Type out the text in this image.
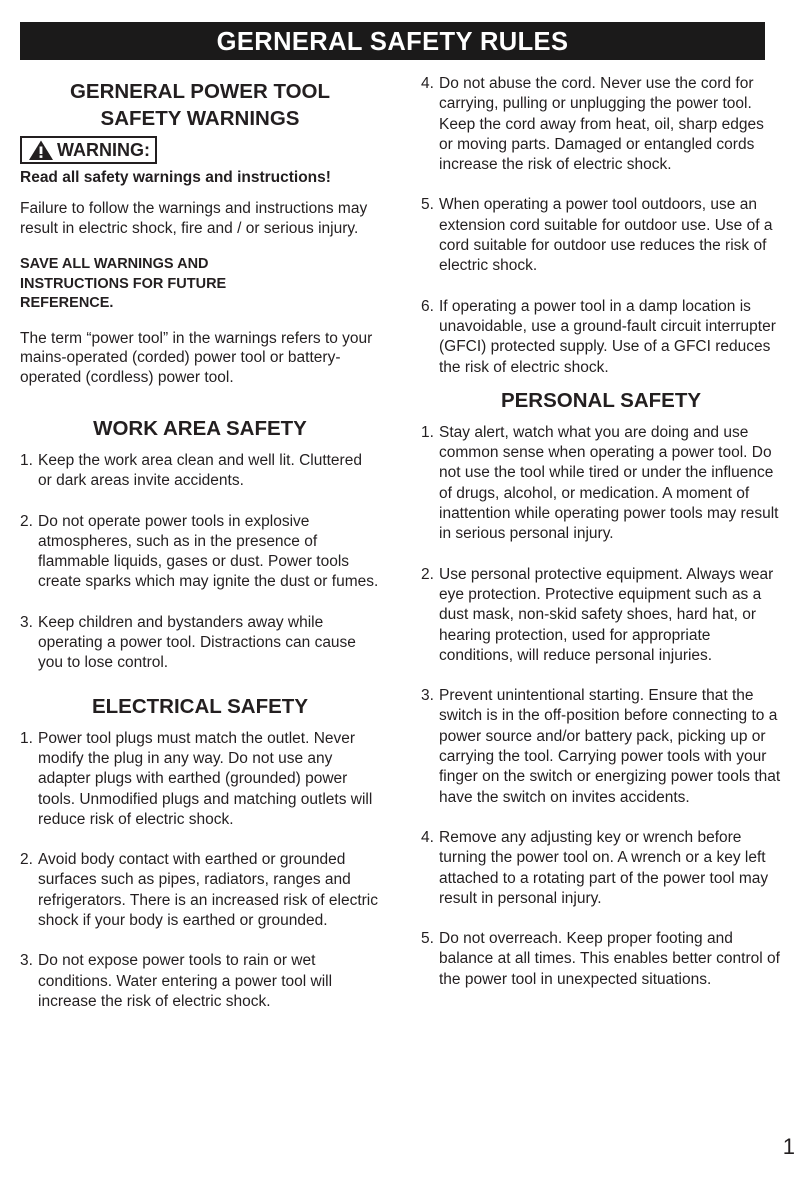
GERNERAL SAFETY RULES
GERNERAL POWER TOOL
SAFETY WARNINGS
WARNING:
Read all safety warnings and instructions!
Failure to follow the warnings and instructions may result in electric shock, fire and / or serious injury.
SAVE ALL WARNINGS AND INSTRUCTIONS FOR FUTURE REFERENCE.
The term “power tool” in the warnings refers to your mains-operated (corded) power tool or battery-operated (cordless) power tool.
WORK AREA SAFETY
1. Keep the work area clean and well lit. Cluttered or dark areas invite accidents.
2. Do not operate power tools in explosive atmospheres, such as in the presence of flammable liquids, gases or dust. Power tools create sparks which may ignite the dust or fumes.
3. Keep children and bystanders away while operating a power tool. Distractions can cause you to lose control.
ELECTRICAL SAFETY
1. Power tool plugs must match the outlet. Never modify the plug in any way. Do not use any adapter plugs with earthed (grounded) power tools. Unmodified plugs and matching outlets will reduce risk of electric shock.
2. Avoid body contact with earthed or grounded surfaces such as pipes, radiators, ranges and refrigerators. There is an increased risk of electric shock if your body is earthed or grounded.
3. Do not expose power tools to rain or wet conditions. Water entering a power tool will increase the risk of electric shock.
4. Do not abuse the cord. Never use the cord for carrying, pulling or unplugging the power tool. Keep the cord away from heat, oil, sharp edges or moving parts. Damaged or entangled cords increase the risk of electric shock.
5. When operating a power tool outdoors, use an extension cord suitable for outdoor use. Use of a cord suitable for outdoor use reduces the risk of electric shock.
6. If operating a power tool in a damp location is unavoidable, use a ground-fault circuit interrupter (GFCI) protected supply. Use of a GFCI reduces the risk of electric shock.
PERSONAL SAFETY
1. Stay alert, watch what you are doing and use common sense when operating a power tool. Do not use the tool while tired or under the influence of drugs, alcohol, or medication. A moment of inattention while operating power tools may result in serious personal injury.
2. Use personal protective equipment. Always wear eye protection. Protective equipment such as a dust mask, non-skid safety shoes, hard hat, or hearing protection, used for appropriate conditions, will reduce personal injuries.
3. Prevent unintentional starting. Ensure that the switch is in the off-position before connecting to a power source and/or battery pack, picking up or carrying the tool. Carrying power tools with your finger on the switch or energizing power tools that have the switch on invites accidents.
4. Remove any adjusting key or wrench before turning the power tool on. A wrench or a key left attached to a rotating part of the power tool may result in personal injury.
5. Do not overreach. Keep proper footing and balance at all times. This enables better control of the power tool in unexpected situations.
1
